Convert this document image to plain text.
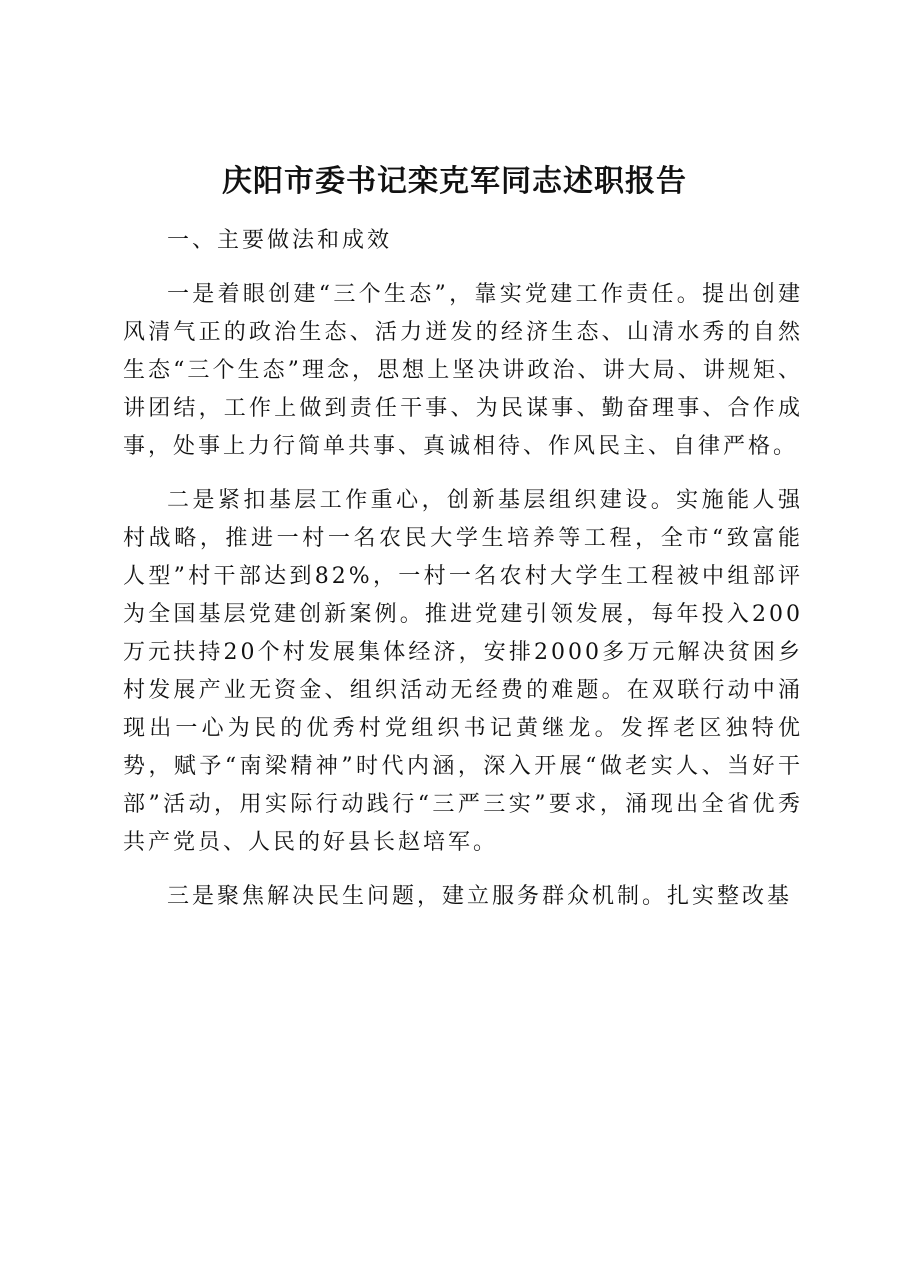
庆阳市委书记栾克军同志述职报告

一、主要做法和成效

一是着眼创建“三个生态”，靠实党建工作责任。提出创建风清气正的政治生态、活力迸发的经济生态、山清水秀的自然生态“三个生态”理念，思想上坚决讲政治、讲大局、讲规矩、讲团结，工作上做到责任干事、为民谋事、勤奋理事、合作成事，处事上力行简单共事、真诚相待、作风民主、自律严格。

二是紧扣基层工作重心，创新基层组织建设。实施能人强村战略，推进一村一名农民大学生培养等工程，全市“致富能人型”村干部达到82%，一村一名农村大学生工程被中组部评为全国基层党建创新案例。推进党建引领发展，每年投入200万元扶持20个村发展集体经济，安排2000多万元解决贫困乡村发展产业无资金、组织活动无经费的难题。在双联行动中涌现出一心为民的优秀村党组织书记黄继龙。发挥老区独特优势，赋予“南梁精神”时代内涵，深入开展“做老实人、当好干部”活动，用实际行动践行“三严三实”要求，涌现出全省优秀共产党员、人民的好县长赵培军。

三是聚焦解决民生问题，建立服务群众机制。扎实整改基
